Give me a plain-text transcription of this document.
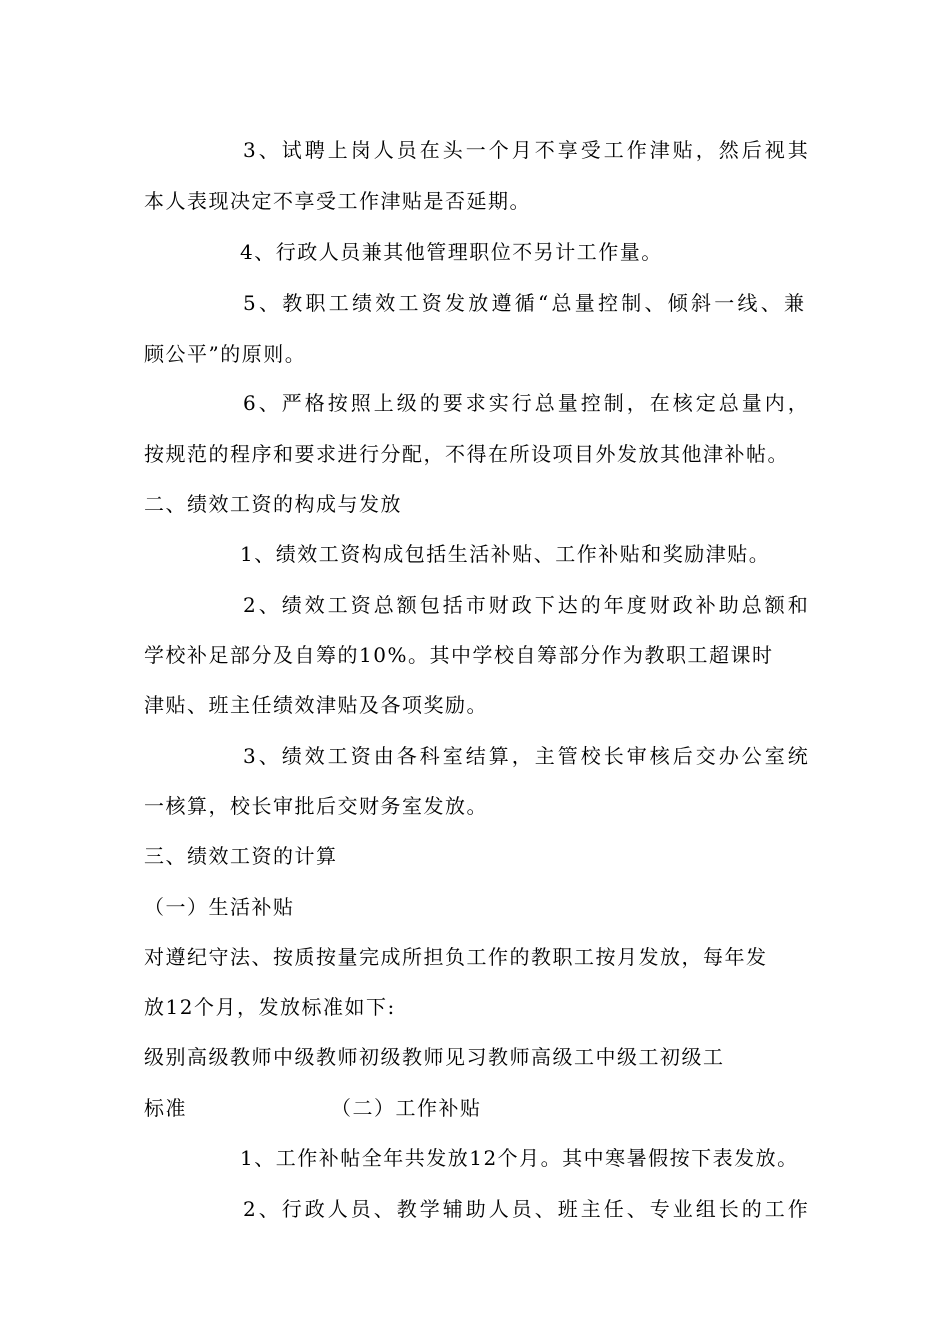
3、试聘上岗人员在头一个月不享受工作津贴，然后视其
本人表现决定不享受工作津贴是否延期。
4、行政人员兼其他管理职位不另计工作量。
5、教职工绩效工资发放遵循“总量控制、倾斜一线、兼
顾公平”的原则。
6、严格按照上级的要求实行总量控制，在核定总量内，
按规范的程序和要求进行分配，不得在所设项目外发放其他津补帖。
二、绩效工资的构成与发放
1、绩效工资构成包括生活补贴、工作补贴和奖励津贴。
2、绩效工资总额包括市财政下达的年度财政补助总额和
学校补足部分及自筹的10%。其中学校自筹部分作为教职工超课时
津贴、班主任绩效津贴及各项奖励。
3、绩效工资由各科室结算，主管校长审核后交办公室统
一核算，校长审批后交财务室发放。
三、绩效工资的计算
（一）生活补贴
对遵纪守法、按质按量完成所担负工作的教职工按月发放，每年发
放12个月，发放标准如下:
级别高级教师中级教师初级教师见习教师高级工中级工初级工
标准	（二）工作补贴
1、工作补帖全年共发放12个月。其中寒暑假按下表发放。
2、行政人员、教学辅助人员、班主任、专业组长的工作
